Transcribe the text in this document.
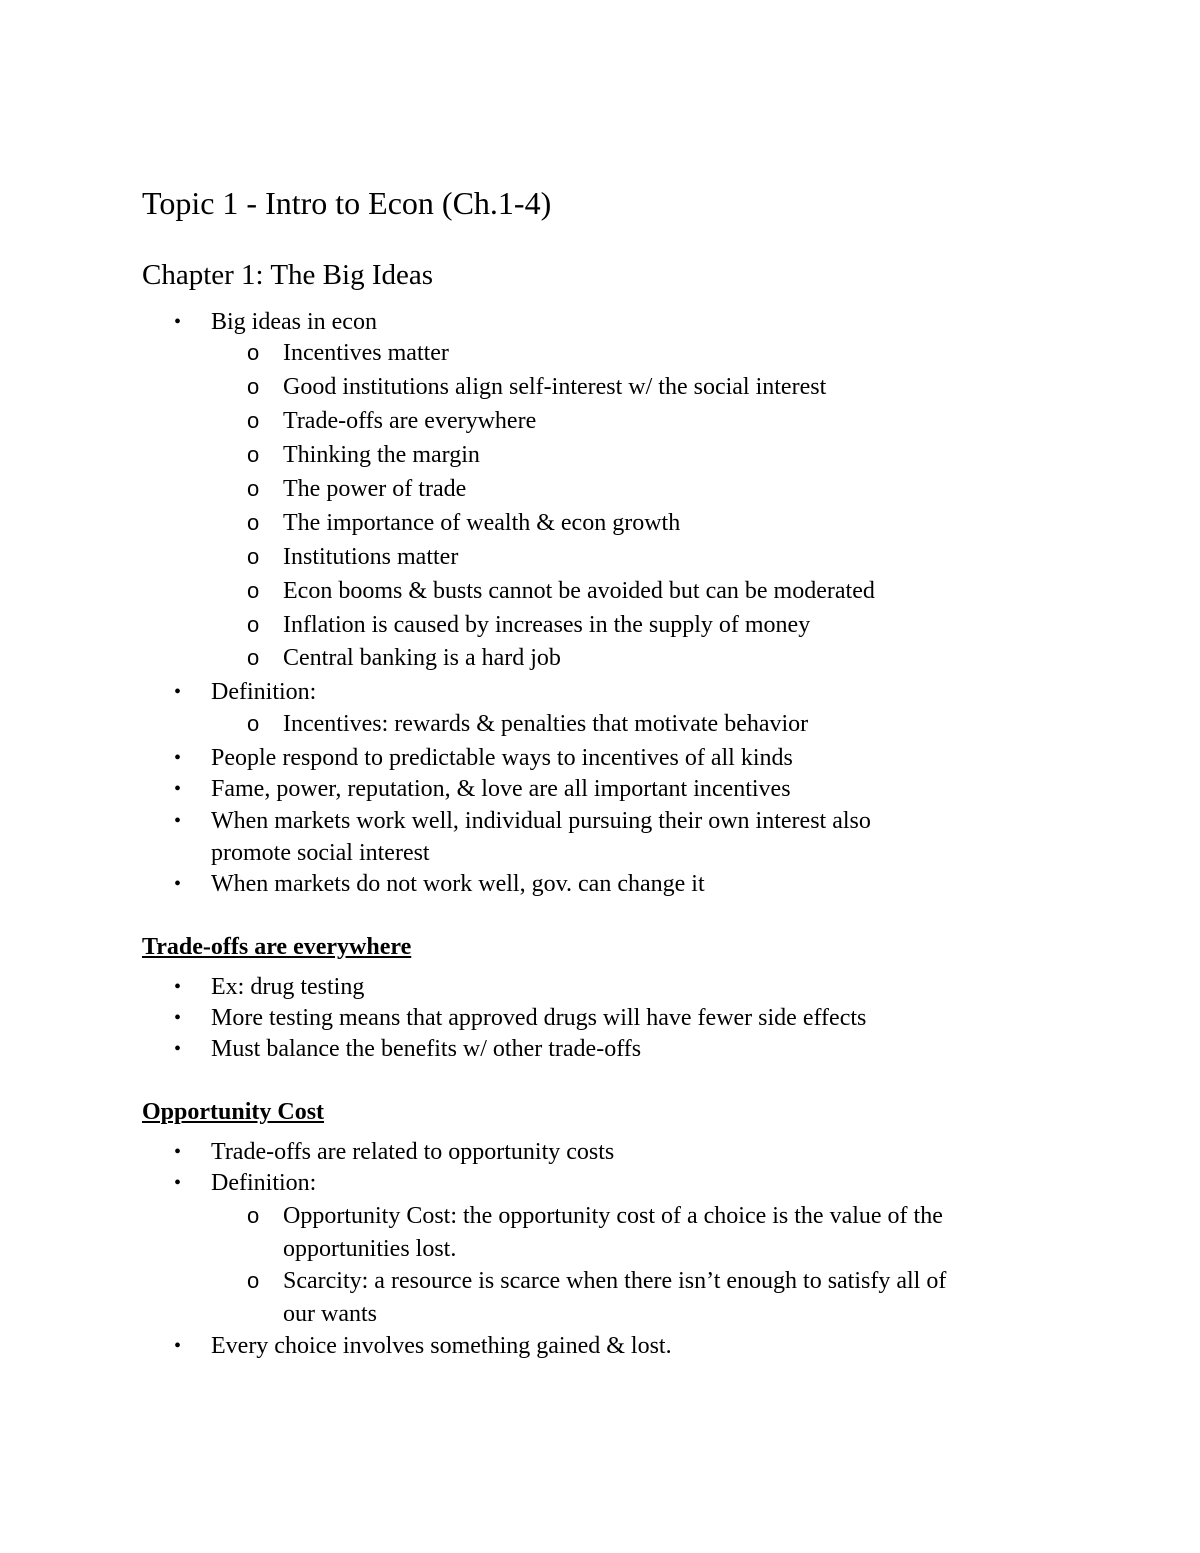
Topic 1 - Intro to Econ (Ch.1-4)
Chapter 1: The Big Ideas
• Big ideas in econ

o Incentives matter

o Good institutions align self-interest w/ the social interest

o Trade-offs are everywhere

o Thinking the margin

o The power of trade

o The importance of wealth & econ growth

o Institutions matter

o Econ booms & busts cannot be avoided but can be moderated

o Inflation is caused by increases in the supply of money

o Central banking is a hard job

• Definition:

o Incentives: rewards & penalties that motivate behavior

• People respond to predictable ways to incentives of all kinds

• Fame, power, reputation, & love are all important incentives

• When markets work well, individual pursuing their own interest also

promote social interest

• When markets do not work well, gov. can change it

Trade-offs are everywhere
• Ex: drug testing

• More testing means that approved drugs will have fewer side effects

• Must balance the benefits w/ other trade-offs

Opportunity Cost
• Trade-offs are related to opportunity costs

• Definition:

o Opportunity Cost: the opportunity cost of a choice is the value of the

opportunities lost.

o Scarcity: a resource is scarce when there isn’t enough to satisfy all of

our wants

• Every choice involves something gained & lost.
